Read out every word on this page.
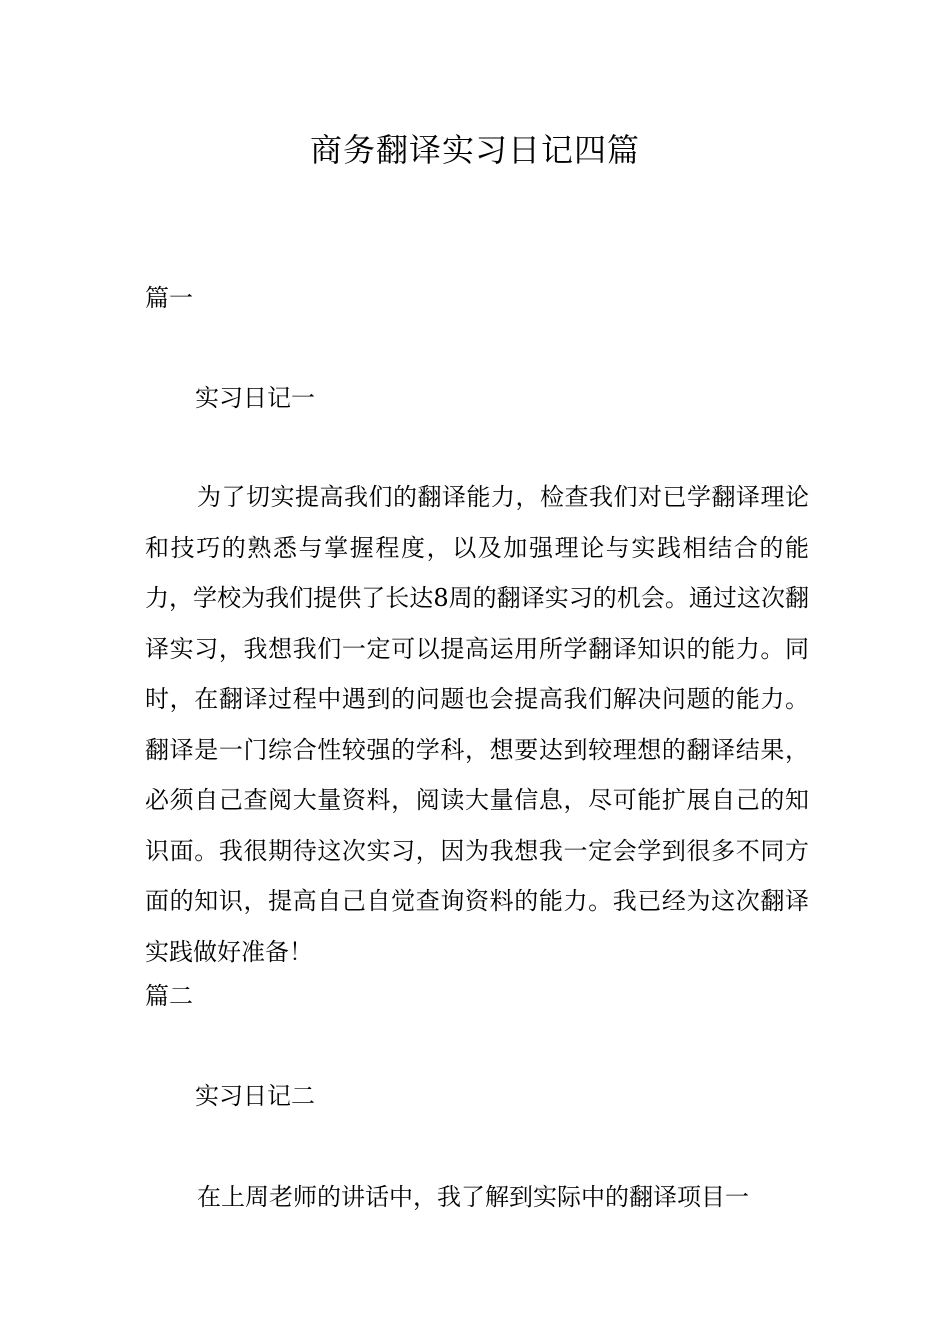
商务翻译实习日记四篇
篇一
实习日记一

为了切实提高我们的翻译能力，检查我们对已学翻译理论和技巧的熟悉与掌握程度，以及加强理论与实践相结合的能力，学校为我们提供了长达8周的翻译实习的机会。通过这次翻译实习，我想我们一定可以提高运用所学翻译知识的能力。同时，在翻译过程中遇到的问题也会提高我们解决问题的能力。翻译是一门综合性较强的学科，想要达到较理想的翻译结果，必须自己查阅大量资料，阅读大量信息，尽可能扩展自己的知识面。我很期待这次实习，因为我想我一定会学到很多不同方面的知识，提高自己自觉查询资料的能力。我已经为这次翻译实践做好准备！

篇二
实习日记二

在上周老师的讲话中，我了解到实际中的翻译项目一
